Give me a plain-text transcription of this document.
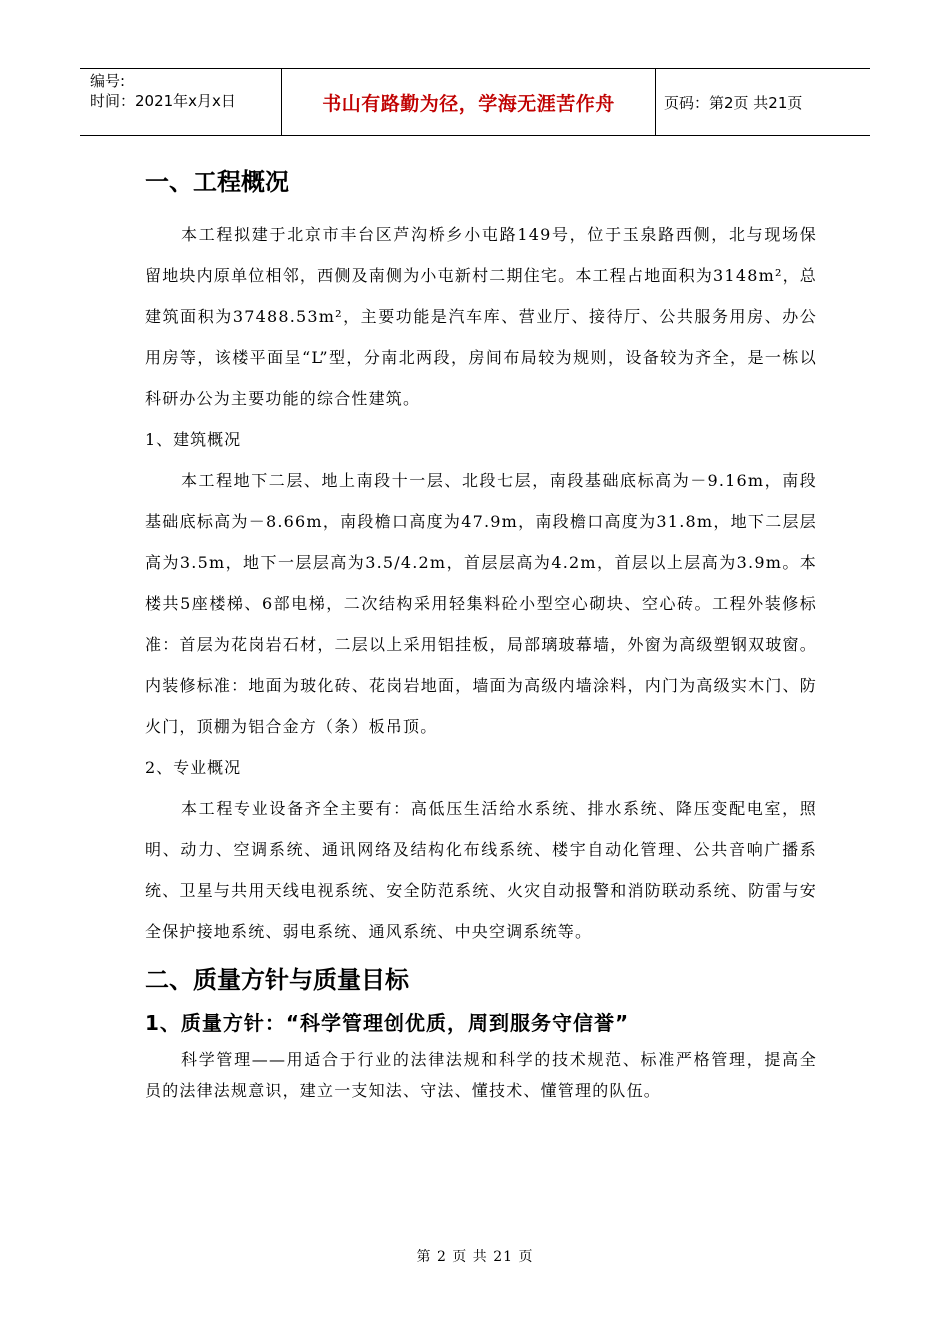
编号:
时间：2021年x月x日	书山有路勤为径，学海无涯苦作舟	页码：第2页 共21页

一、工程概况

本工程拟建于北京市丰台区芦沟桥乡小屯路149号，位于玉泉路西侧，北与现场保留地块内原单位相邻，西侧及南侧为小屯新村二期住宅。本工程占地面积为3148m²，总建筑面积为37488.53m²，主要功能是汽车库、营业厅、接待厅、公共服务用房、办公用房等，该楼平面呈“L”型，分南北两段，房间布局较为规则，设备较为齐全，是一栋以科研办公为主要功能的综合性建筑。

1、建筑概况

本工程地下二层、地上南段十一层、北段七层，南段基础底标高为－9.16m，南段基础底标高为－8.66m，南段檐口高度为47.9m，南段檐口高度为31.8m，地下二层层高为3.5m，地下一层层高为3.5/4.2m，首层层高为4.2m，首层以上层高为3.9m。本楼共5座楼梯、6部电梯，二次结构采用轻集料砼小型空心砌块、空心砖。工程外装修标准：首层为花岗岩石材，二层以上采用铝挂板，局部璃玻幕墙，外窗为高级塑钢双玻窗。内装修标准：地面为玻化砖、花岗岩地面，墙面为高级内墙涂料，内门为高级实木门、防火门，顶棚为铝合金方（条）板吊顶。

2、专业概况

本工程专业设备齐全主要有：高低压生活给水系统、排水系统、降压变配电室，照明、动力、空调系统、通讯网络及结构化布线系统、楼宇自动化管理、公共音响广播系统、卫星与共用天线电视系统、安全防范系统、火灾自动报警和消防联动系统、防雷与安全保护接地系统、弱电系统、通风系统、中央空调系统等。

二、质量方针与质量目标

1、质量方针：“科学管理创优质，周到服务守信誉”

科学管理——用适合于行业的法律法规和科学的技术规范、标准严格管理，提高全员的法律法规意识，建立一支知法、守法、懂技术、懂管理的队伍。

第 2 页 共 21 页
